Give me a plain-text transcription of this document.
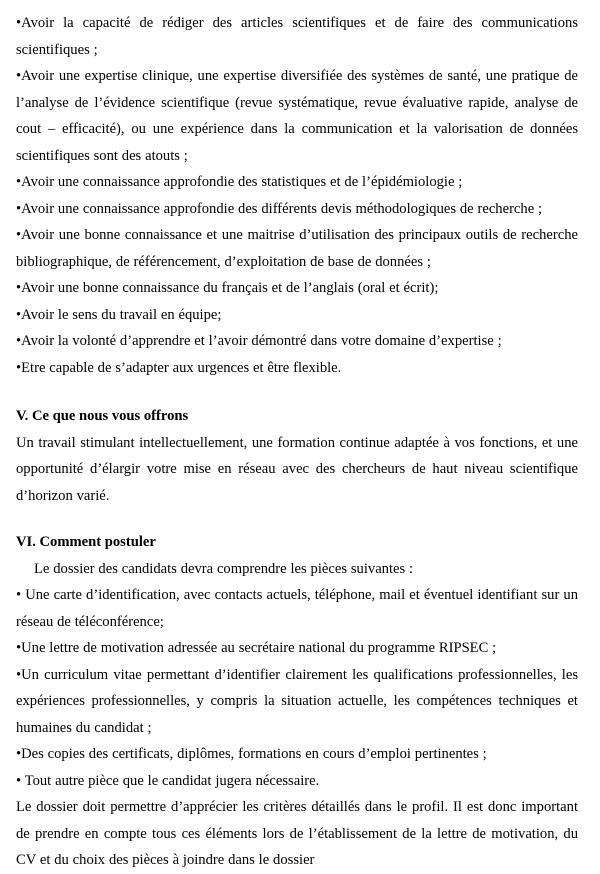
•Avoir la capacité de rédiger des articles scientifiques et de faire des communications scientifiques ;

•Avoir une expertise clinique, une expertise diversifiée des systèmes de santé, une pratique de l’analyse de l’évidence scientifique (revue systématique, revue évaluative rapide, analyse de cout – efficacité), ou une expérience dans la communication et la valorisation de données scientifiques sont des atouts ;

•Avoir une connaissance approfondie des statistiques et de l’épidémiologie ;

•Avoir une connaissance approfondie des différents devis méthodologiques de recherche ;

•Avoir une bonne connaissance et une maitrise d’utilisation des principaux outils de recherche bibliographique, de référencement, d’exploitation de base de données ;

•Avoir une bonne connaissance du français et de l’anglais (oral et écrit);

•Avoir le sens du travail en équipe;

•Avoir la volonté d’apprendre et l’avoir démontré dans votre domaine d’expertise ;

•Etre capable de s’adapter aux urgences et être flexible.

V. Ce que nous vous offrons

Un travail stimulant intellectuellement, une formation continue adaptée à vos fonctions, et une opportunité d’élargir votre mise en réseau avec des chercheurs de haut niveau scientifique d’horizon varié.

VI. Comment postuler

Le dossier des candidats devra comprendre les pièces suivantes :

• Une carte d’identification, avec contacts actuels, téléphone, mail et éventuel identifiant sur un réseau de téléconférence;

•Une lettre de motivation adressée au secrétaire national du programme RIPSEC ;

•Un curriculum vitae permettant d’identifier clairement les qualifications professionnelles, les expériences professionnelles, y compris la situation actuelle, les compétences techniques et humaines du candidat ;

•Des copies des certificats, diplômes, formations en cours d’emploi pertinentes ;

• Tout autre pièce que le candidat jugera nécessaire.

Le dossier doit permettre d’apprécier les critères détaillés dans le profil. Il est donc important de prendre en compte tous ces éléments lors de l’établissement de la lettre de motivation, du CV et du choix des pièces à joindre dans le dossier
